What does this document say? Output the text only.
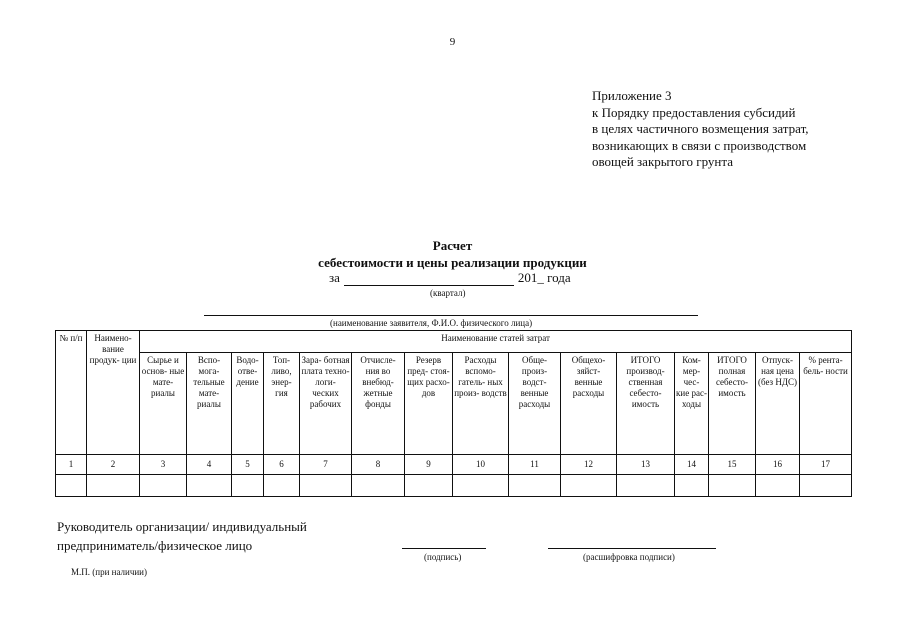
9
Приложение 3
к Порядку предоставления субсидий
в целях частичного возмещения затрат,
возникающих в связи с производством
овощей закрытого грунта
Расчет
себестоимости и цены реализации продукции
за	201_ года
(квартал)
(наименование заявителя, Ф.И.О. физического лица)
№ п/п	Наимено- вание продук- ции	Наименование статей затрат														
		Сырье и основ- ные мате- риалы	Вспо- мога- тельные мате- риалы	Водо- отве- дение	Топ- ливо, энер- гия	Зара- ботная плата техно- логи- ческих рабочих	Отчисле- ния во внебюд- жетные фонды	Резерв пред- стоя- щих расхо- дов	Расходы вспомо- гатель- ных произ- водств	Обще- произ- водст- венные расходы	Общехо- зяйст- венные расходы	ИТОГО производ- ственная себесто- имость	Ком- мер- чес- кие рас- ходы	ИТОГО полная себесто- имость	Отпуск- ная цена (без НДС)	% рента- бель- ности
1	2	3	4	5	6	7	8	9	10	11	12	13	14	15	16	17

Руководитель организации/ индивидуальный
предприниматель/физическое лицо
(подпись)	(расшифровка подписи)
М.П. (при наличии)
